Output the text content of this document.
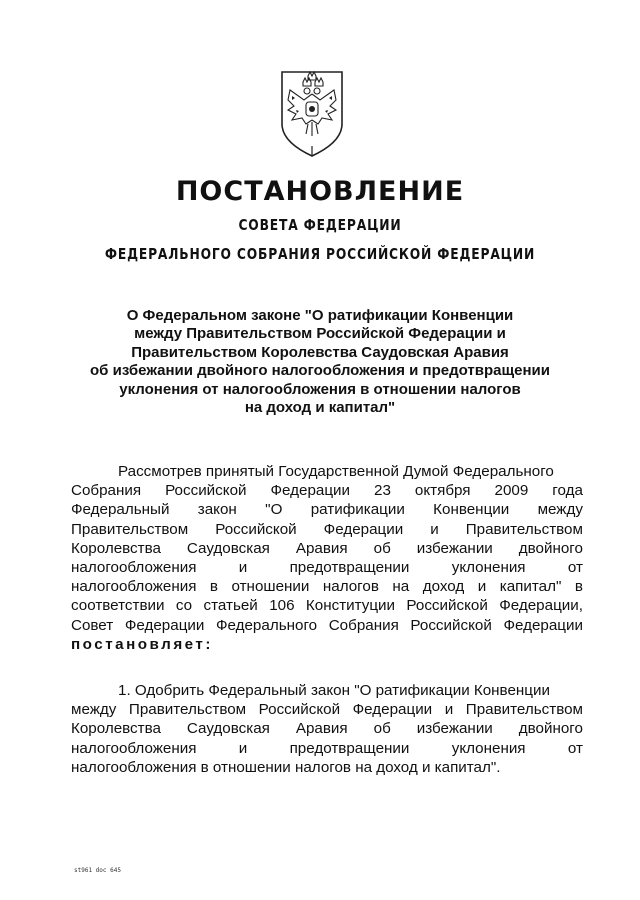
ПОСТАНОВЛЕНИЕ
СОВЕТА ФЕДЕРАЦИИ
ФЕДЕРАЛЬНОГО СОБРАНИЯ РОССИЙСКОЙ ФЕДЕРАЦИИ
О Федеральном законе "О ратификации Конвенции
между Правительством Российской Федерации и
Правительством Королевства Саудовская Аравия
об избежании двойного налогообложения и предотвращении
уклонения от налогообложения в отношении налогов
на доход и капитал"
Рассмотрев принятый Государственной Думой Федерального
Собрания Российской Федерации 23 октября 2009 года
Федеральный закон "О ратификации Конвенции между
Правительством Российской Федерации и Правительством
Королевства Саудовская Аравия об избежании двойного
налогообложения	и	предотвращении	уклонения	от
налогообложения в отношении налогов на доход и капитал" в
соответствии со статьей 106 Конституции Российской Федерации,
Совет Федерации Федерального Собрания Российской Федерации
постановляет:
1. Одобрить Федеральный закон "О ратификации Конвенции
между Правительством Российской Федерации и Правительством
Королевства Саудовская Аравия об избежании двойного
налогообложения	и	предотвращении	уклонения	от
налогообложения в отношении налогов на доход и капитал".
st961 doc 645
